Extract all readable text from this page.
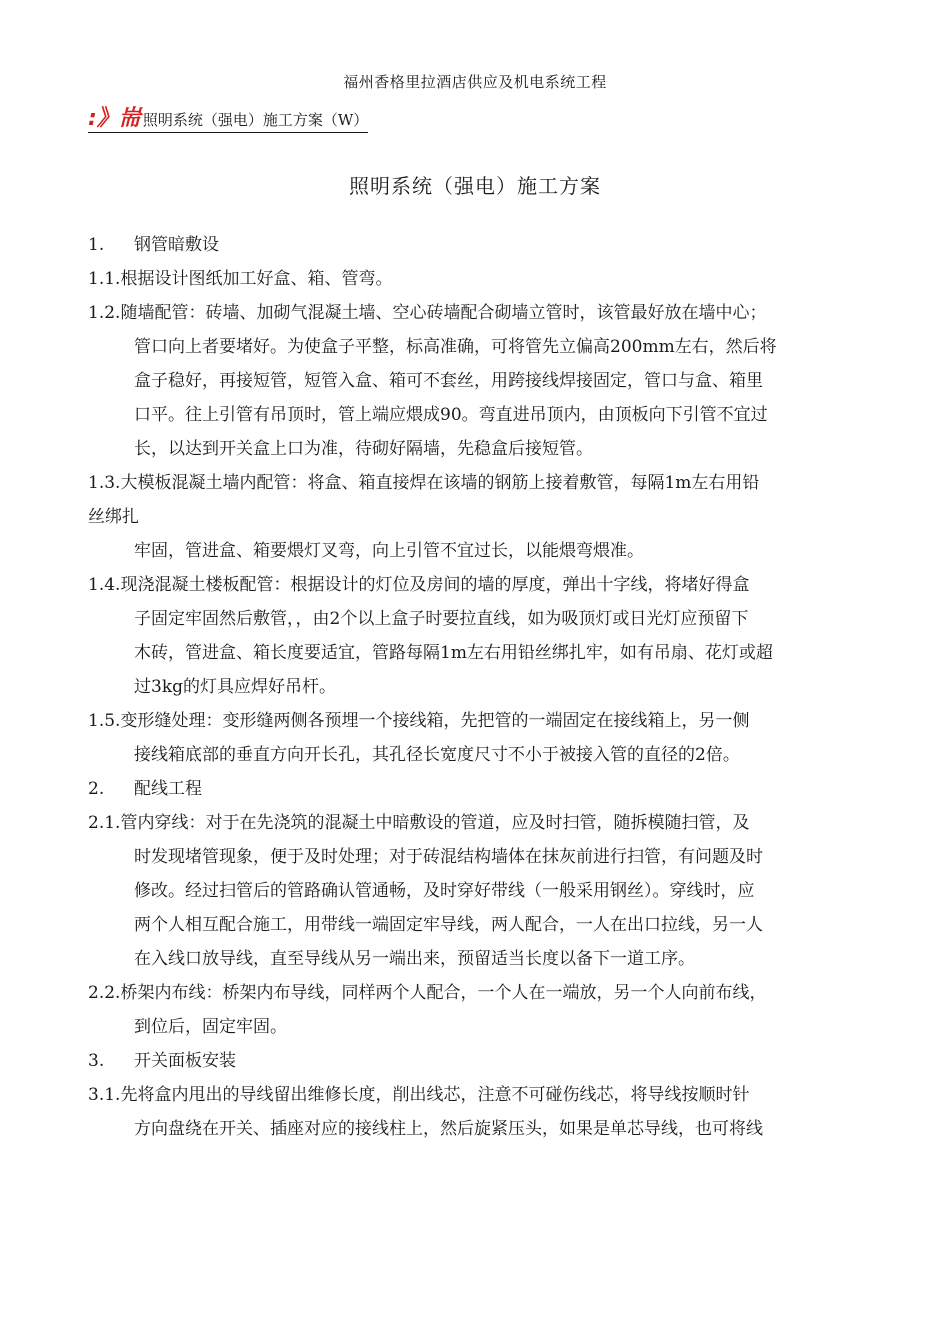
福州香格里拉酒店供应及机电系统工程
:》耑 照明系统（强电）施工方案（W）
照明系统（强电）施工方案
1. 钢管暗敷设
1.1.根据设计图纸加工好盒、箱、管弯。
1.2.随墙配管：砖墙、加砌气混凝土墙、空心砖墙配合砌墙立管时，该管最好放在墙中心；
管口向上者要堵好。为使盒子平整，标高准确，可将管先立偏高200mm左右，然后将
盒子稳好，再接短管，短管入盒、箱可不套丝，用跨接线焊接固定，管口与盒、箱里
口平。往上引管有吊顶时，管上端应煨成90。弯直进吊顶内，由顶板向下引管不宜过
长，以达到开关盒上口为准，待砌好隔墙，先稳盒后接短管。
1.3.大模板混凝土墙内配管：将盒、箱直接焊在该墙的钢筋上接着敷管，每隔1m左右用铅
丝绑扎
牢固，管进盒、箱要煨灯叉弯，向上引管不宜过长，以能煨弯煨准。
1.4.现浇混凝土楼板配管：根据设计的灯位及房间的墙的厚度，弹出十字线，将堵好得盒
子固定牢固然后敷管，，由2个以上盒子时要拉直线，如为吸顶灯或日光灯应预留下
木砖，管进盒、箱长度要适宜，管路每隔1m左右用铅丝绑扎牢，如有吊扇、花灯或超
过3kg的灯具应焊好吊杆。
1.5.变形缝处理：变形缝两侧各预埋一个接线箱，先把管的一端固定在接线箱上，另一侧
接线箱底部的垂直方向开长孔，其孔径长宽度尺寸不小于被接入管的直径的2倍。
2. 配线工程
2.1.管内穿线：对于在先浇筑的混凝土中暗敷设的管道，应及时扫管，随拆模随扫管，及
时发现堵管现象，便于及时处理；对于砖混结构墙体在抹灰前进行扫管，有问题及时
修改。经过扫管后的管路确认管通畅，及时穿好带线（一般采用钢丝）。穿线时，应
两个人相互配合施工，用带线一端固定牢导线，两人配合，一人在出口拉线，另一人
在入线口放导线，直至导线从另一端出来，预留适当长度以备下一道工序。
2.2.桥架内布线：桥架内布导线，同样两个人配合，一个人在一端放，另一个人向前布线，
到位后，固定牢固。
3. 开关面板安装
3.1.先将盒内甩出的导线留出维修长度，削出线芯，注意不可碰伤线芯，将导线按顺时针
方向盘绕在开关、插座对应的接线柱上，然后旋紧压头，如果是单芯导线，也可将线
